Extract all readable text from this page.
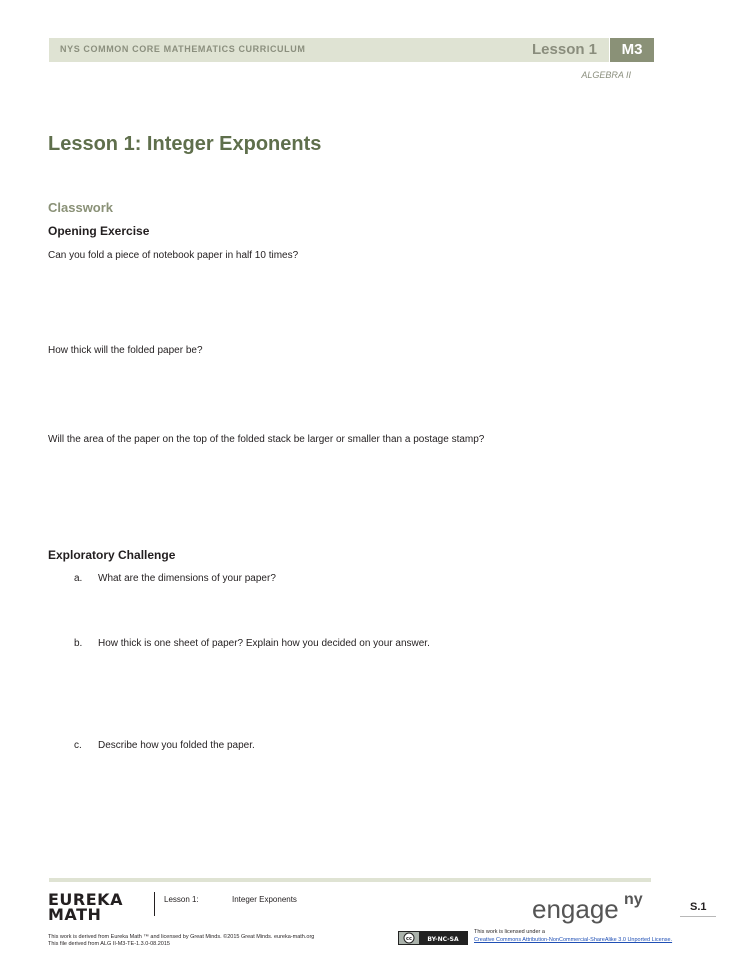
NYS COMMON CORE MATHEMATICS CURRICULUM	Lesson 1	M3
ALGEBRA II
Lesson 1: Integer Exponents
Classwork
Opening Exercise
Can you fold a piece of notebook paper in half 10 times?
How thick will the folded paper be?
Will the area of the paper on the top of the folded stack be larger or smaller than a postage stamp?
Exploratory Challenge
a. What are the dimensions of your paper?
b. How thick is one sheet of paper? Explain how you decided on your answer.
c. Describe how you folded the paper.
EUREKA
MATH
Lesson 1:	Integer Exponents	engage ny	S.1
This work is derived from Eureka Math ™ and licensed by Great Minds. ©2015 Great Minds. eureka-math.org
This file derived from ALG II-M3-TE-1.3.0-08.2015
cc	BY-NC-SA
This work is licensed under a
Creative Commons Attribution-NonCommercial-ShareAlike 3.0 Unported License.
